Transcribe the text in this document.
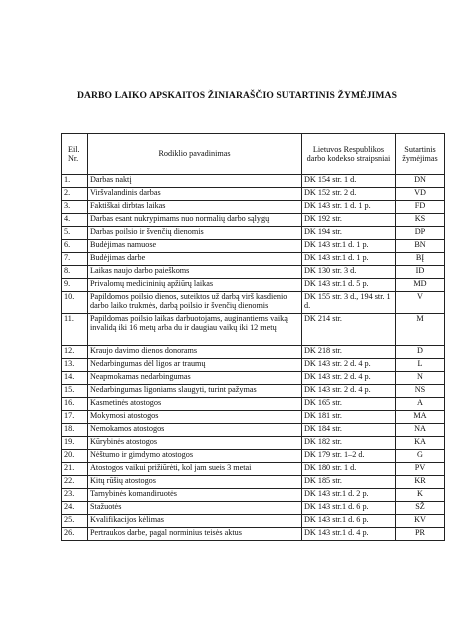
DARBO LAIKO APSKAITOS ŽINIARAŠČIO SUTARTINIS ŽYMĖJIMAS
Eil. Nr.	Rodiklio pavadinimas	Lietuvos Respublikos darbo kodekso straipsniai	Sutartinis žymėjimas
1.	Darbas naktį	DK 154 str. 1 d.	DN
2.	Viršvalandinis darbas	DK 152 str. 2 d.	VD
3.	Faktiškai dirbtas laikas	DK 143 str. 1 d. 1 p.	FD
4.	Darbas esant nukrypimams nuo normalių darbo sąlygų	DK 192 str.	KS
5.	Darbas poilsio ir švenčių dienomis	DK 194 str.	DP
6.	Budėjimas namuose	DK 143 str.1 d. 1 p.	BN
7.	Budėjimas darbe	DK 143 str.1 d. 1 p.	BĮ
8.	Laikas naujo darbo paieškoms	DK 130 str. 3 d.	ID
9.	Privalomų medicininių apžiūrų laikas	DK 143 str.1 d. 5 p.	MD
10.	Papildomos poilsio dienos, suteiktos už darbą virš kasdienio darbo laiko trukmės, darbą poilsio ir švenčių dienomis	DK 155 str. 3 d., 194 str. 1 d.	V
11.	Papildomas poilsio laikas darbuotojams, auginantiems vaiką invalidą iki 16 metų arba du ir daugiau vaikų iki 12 metų	DK 214 str.	M
12.	Kraujo davimo dienos donorams	DK 218 str.	D
13.	Nedarbingumas dėl ligos ar traumų	DK 143 str. 2 d. 4 p.	L
14.	Neapmokamas nedarbingumas	DK 143 str. 2 d. 4 p.	N
15.	Nedarbingumas ligoniams slaugyti, turint pažymas	DK 143 str. 2 d. 4 p.	NS
16.	Kasmetinės atostogos	DK 165 str.	A
17.	Mokymosi atostogos	DK 181 str.	MA
18.	Nemokamos atostogos	DK 184 str.	NA
19.	Kūrybinės atostogos	DK 182 str.	KA
20.	Nėštumo ir gimdymo atostogos	DK 179 str. 1–2 d.	G
21.	Atostogos vaikui prižiūrėti, kol jam sueis 3 metai	DK 180 str. 1 d.	PV
22.	Kitų rūšių atostogos	DK 185 str.	KR
23.	Tarnybinės komandiruotės	DK 143 str.1 d. 2 p.	K
24.	Stažuotės	DK 143 str.1 d. 6 p.	SŽ
25.	Kvalifikacijos kėlimas	DK 143 str.1 d. 6 p.	KV
26.	Pertraukos darbe, pagal norminius teisės aktus	DK 143 str.1 d. 4 p.	PR
